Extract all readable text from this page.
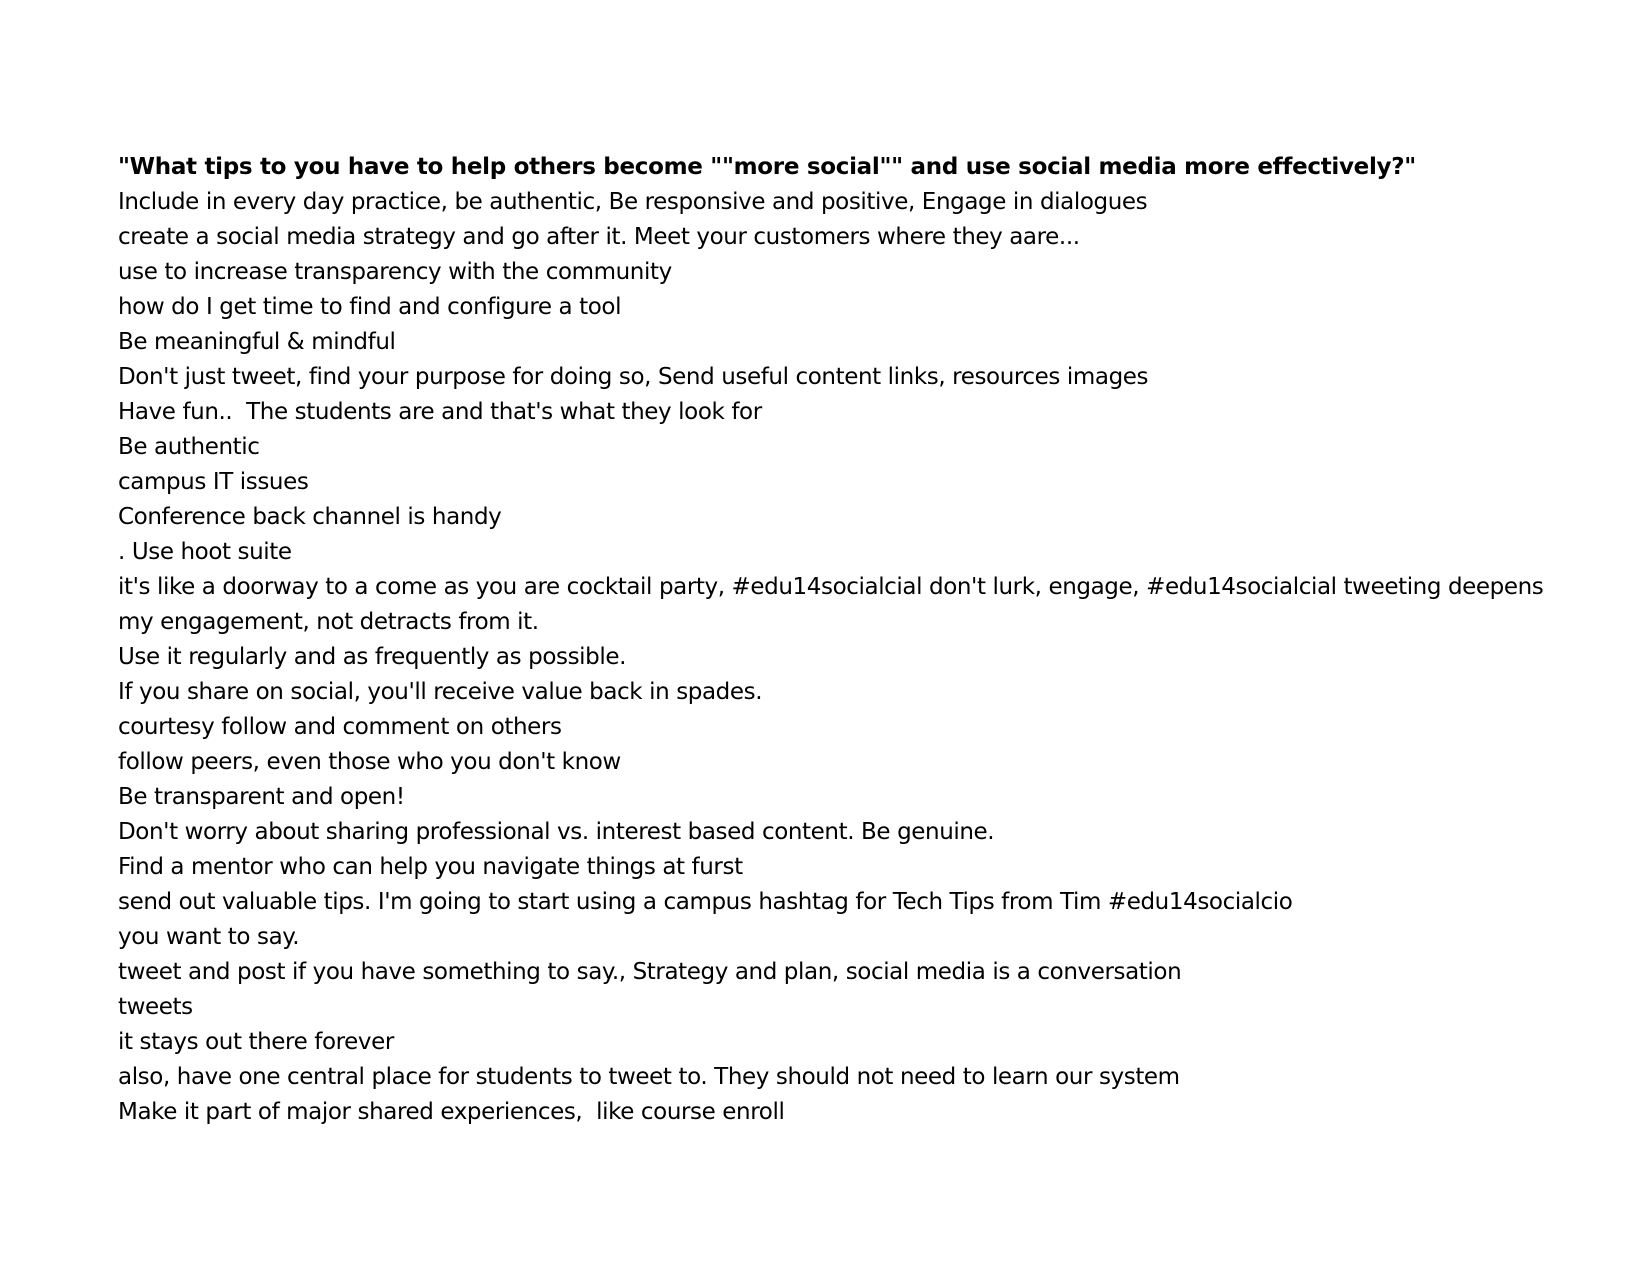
"What tips to you have to help others become ""more social"" and use social media more effectively?"
Include in every day practice, be authentic, Be responsive and positive, Engage in dialogues
create a social media strategy and go after it. Meet your customers where they aare...
use to increase transparency with the community
how do I get time to find and configure a tool
Be meaningful & mindful
Don't just tweet, find your purpose for doing so, Send useful content links, resources images
Have fun..  The students are and that's what they look for
Be authentic
campus IT issues
Conference back channel is handy
. Use hoot suite
it's like a doorway to a come as you are cocktail party, #edu14socialcial don't lurk, engage, #edu14socialcial tweeting deepens
my engagement, not detracts from it.
Use it regularly and as frequently as possible.
If you share on social, you'll receive value back in spades.
courtesy follow and comment on others
follow peers, even those who you don't know
Be transparent and open!
Don't worry about sharing professional vs. interest based content. Be genuine.
Find a mentor who can help you navigate things at furst
send out valuable tips. I'm going to start using a campus hashtag for Tech Tips from Tim #edu14socialcio
you want to say.
tweet and post if you have something to say., Strategy and plan, social media is a conversation
tweets
it stays out there forever
also, have one central place for students to tweet to. They should not need to learn our system
Make it part of major shared experiences,  like course enroll
